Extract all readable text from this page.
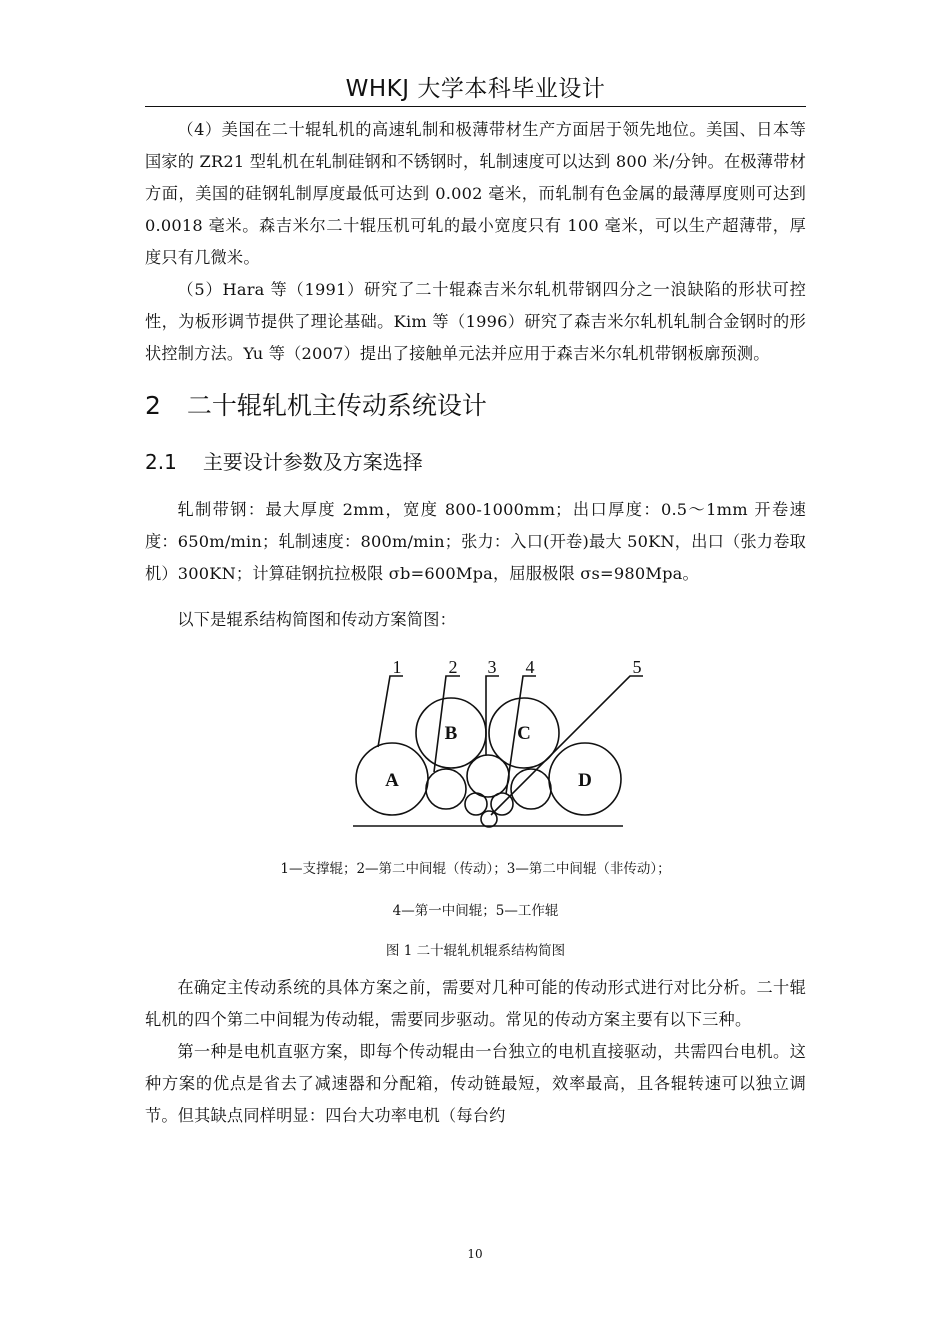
WHKJ 大学本科毕业设计

（4）美国在二十辊轧机的高速轧制和极薄带材生产方面居于领先地位。美国、日本等国家的 ZR21 型轧机在轧制硅钢和不锈钢时，轧制速度可以达到 800 米/分钟。在极薄带材方面，美国的硅钢轧制厚度最低可达到 0.002 毫米，而轧制有色金属的最薄厚度则可达到 0.0018 毫米。森吉米尔二十辊压机可轧的最小宽度只有 100 毫米，可以生产超薄带，厚度只有几微米。

（5）Hara 等（1991）研究了二十辊森吉米尔轧机带钢四分之一浪缺陷的形状可控性，为板形调节提供了理论基础。Kim 等（1996）研究了森吉米尔轧机轧制合金钢时的形状控制方法。Yu 等（2007）提出了接触单元法并应用于森吉米尔轧机带钢板廓预测。

2 二十辊轧机主传动系统设计
2.1 主要设计参数及方案选择

轧制带钢：最大厚度 2mm，宽度 800-1000mm；出口厚度：0.5～1mm 开卷速度：650m/min；轧制速度：800m/min；张力：入口(开卷)最大 50KN，出口（张力卷取机）300KN；计算硅钢抗拉极限 σb=600Mpa，屈服极限 σs=980Mpa。

以下是辊系结构简图和传动方案简图：

1	2 3 4	5
A
B	C
D

1—支撑辊；2—第二中间辊（传动）；3—第二中间辊（非传动）；

4—第一中间辊；5—工作辊

图 1 二十辊轧机辊系结构简图

在确定主传动系统的具体方案之前，需要对几种可能的传动形式进行对比分析。二十辊轧机的四个第二中间辊为传动辊，需要同步驱动。常见的传动方案主要有以下三种。

第一种是电机直驱方案，即每个传动辊由一台独立的电机直接驱动，共需四台电机。这种方案的优点是省去了减速器和分配箱，传动链最短，效率最高，且各辊转速可以独立调节。但其缺点同样明显：四台大功率电机（每台约

10
